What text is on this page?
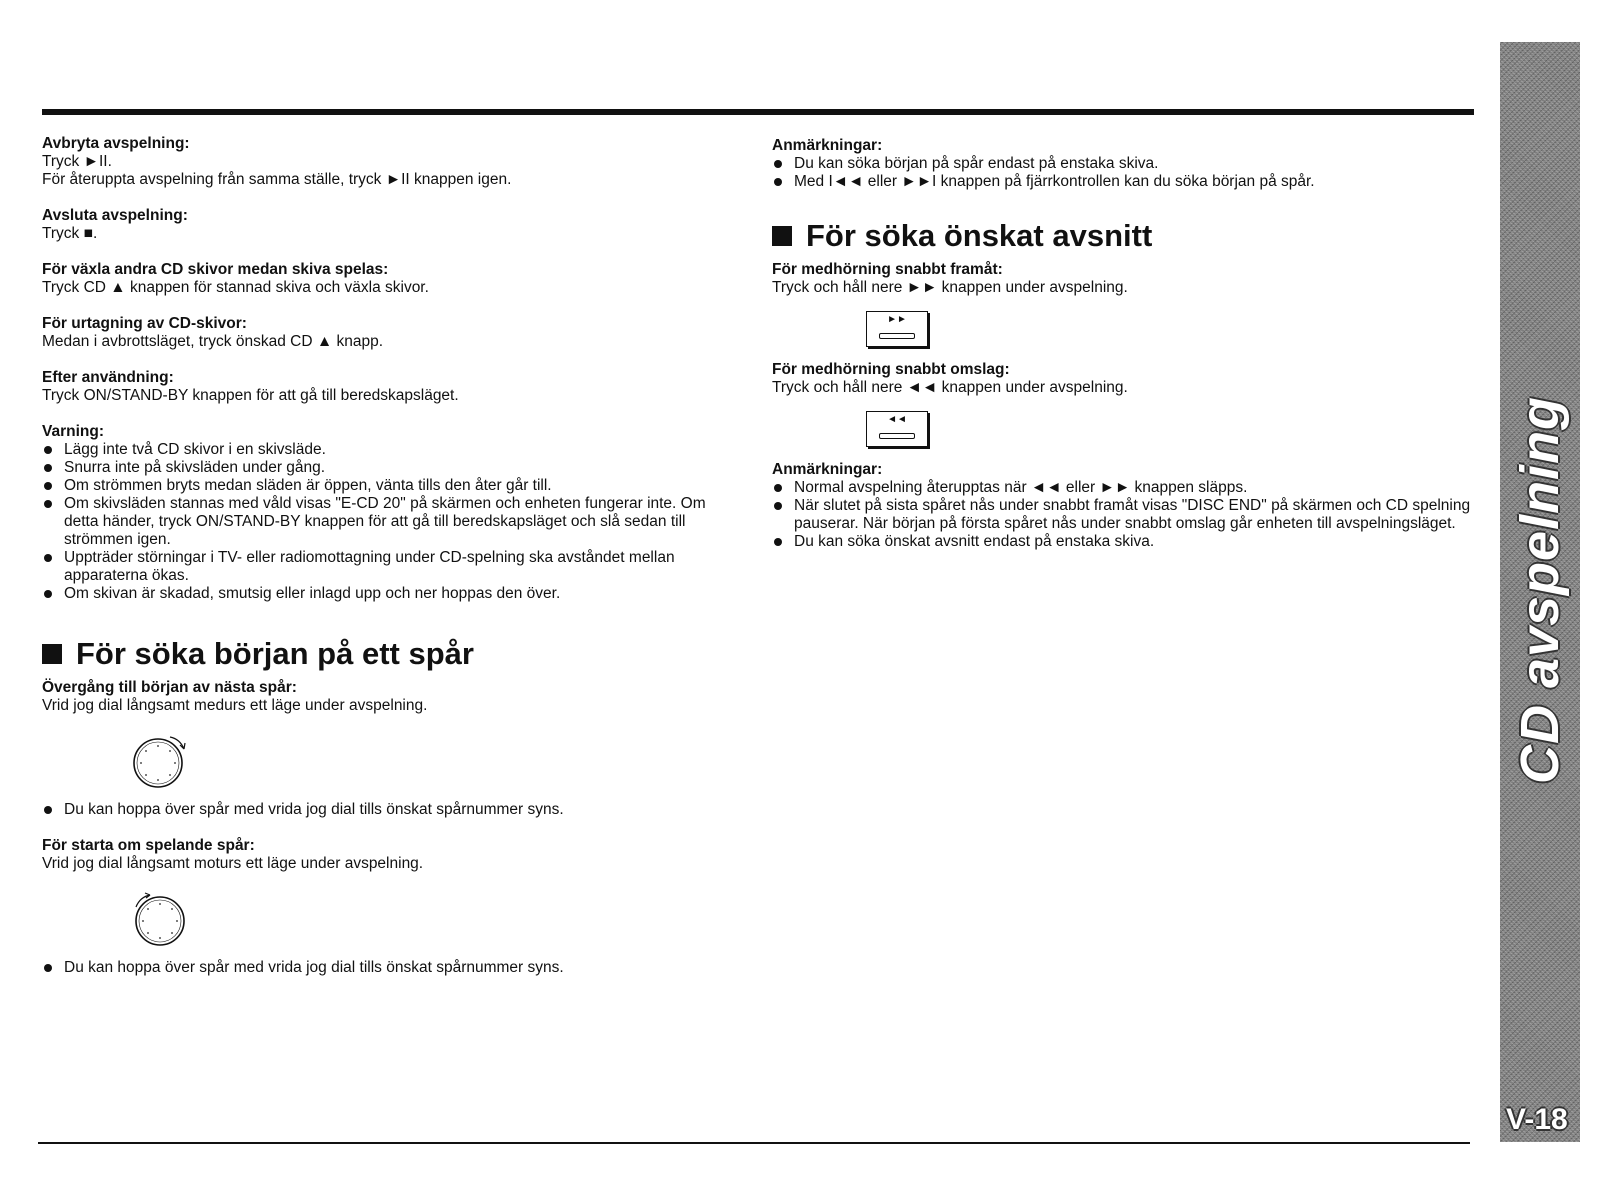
CD avspelning
V-18
Avbryta avspelning:
Tryck ►II.
För återuppta avspelning från samma ställe, tryck ►II knappen igen.
Avsluta avspelning:
Tryck ■.
För växla andra CD skivor medan skiva spelas:
Tryck CD ▲ knappen för stannad skiva och växla skivor.
För urtagning av CD-skivor:
Medan i avbrottsläget, tryck önskad CD ▲ knapp.
Efter användning:
Tryck ON/STAND-BY knappen för att gå till beredskapsläget.
Varning:
Lägg inte två CD skivor i en skivsläde.
Snurra inte på skivsläden under gång.
Om strömmen bryts medan släden är öppen, vänta tills den åter går till.
Om skivsläden stannas med våld visas "E-CD 20" på skärmen och enheten fungerar inte. Om detta händer, tryck ON/STAND-BY knappen för att gå till beredskapsläget och slå sedan till strömmen igen.
Uppträder störningar i TV- eller radiomottagning under CD-spelning ska avståndet mellan apparaterna ökas.
Om skivan är skadad, smutsig eller inlagd upp och ner hoppas den över.
För söka början på ett spår
Övergång till början av nästa spår:
Vrid jog dial långsamt medurs ett läge under avspelning.
Du kan hoppa över spår med vrida jog dial tills önskat spårnummer syns.
För starta om spelande spår:
Vrid jog dial långsamt moturs ett läge under avspelning.
Du kan hoppa över spår med vrida jog dial tills önskat spårnummer syns.
Anmärkningar:
Du kan söka början på spår endast på enstaka skiva.
Med I◄◄ eller ►►I knappen på fjärrkontrollen kan du söka början på spår.
För söka önskat avsnitt
För medhörning snabbt framåt:
Tryck och håll nere ►► knappen under avspelning.
►►
För medhörning snabbt omslag:
Tryck och håll nere ◄◄ knappen under avspelning.
◄◄
Anmärkningar:
Normal avspelning återupptas när ◄◄ eller ►► knappen släpps.
När slutet på sista spåret nås under snabbt framåt visas "DISC END" på skärmen och CD spelning pauserar. När början på första spåret nås under snabbt omslag går enheten till avspelningsläget.
Du kan söka önskat avsnitt endast på enstaka skiva.
